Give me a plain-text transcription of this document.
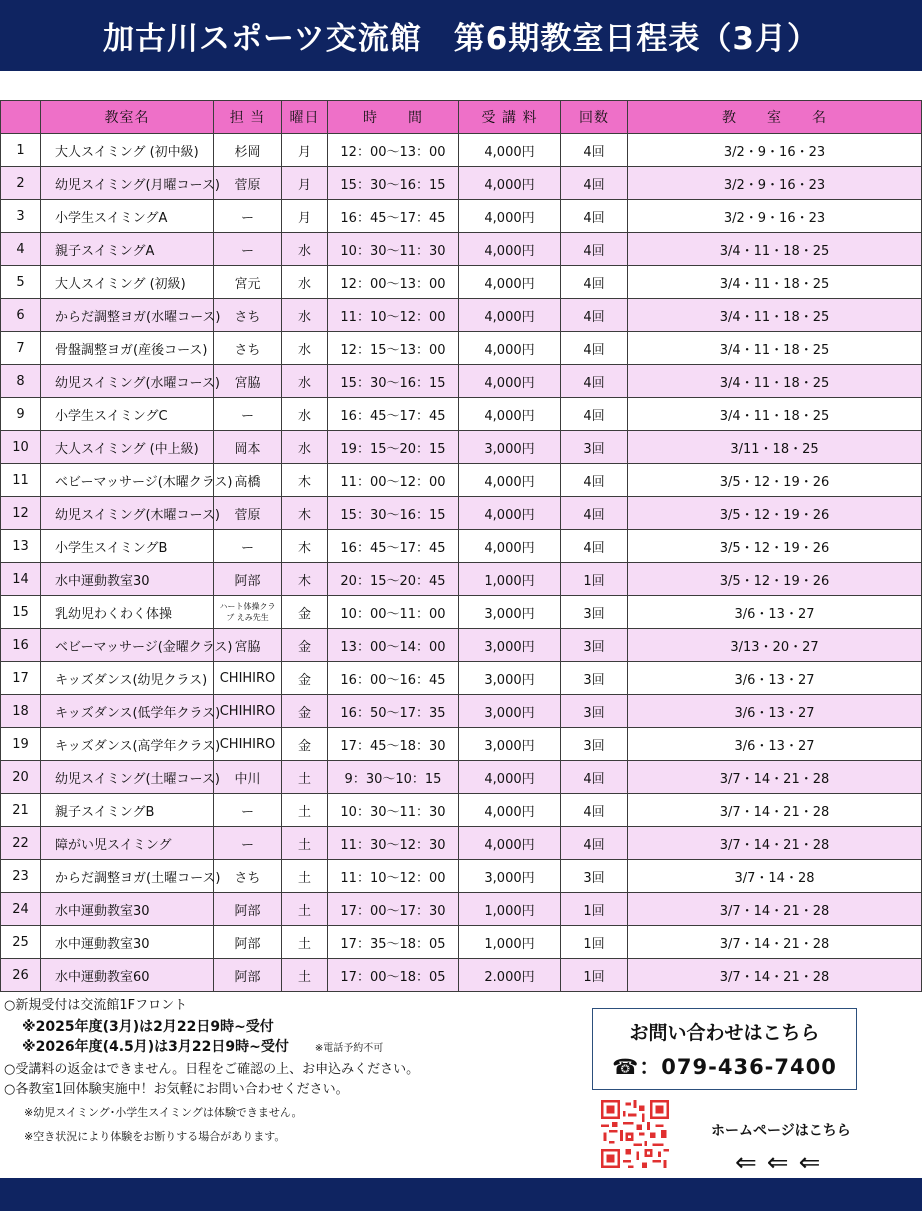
加古川スポーツ交流館　第6期教室日程表（3月）
	教室名	担 当	曜日	時　　間	受 講 料	回数	教　　室　　名
1	大人スイミング (初中級)	杉岡	月	12：00～13：00	4,000円	4回	3/2・9・16・23
2	幼児スイミング(月曜コース)	菅原	月	15：30～16：15	4,000円	4回	3/2・9・16・23
3	小学生スイミングA	ー	月	16：45～17：45	4,000円	4回	3/2・9・16・23
4	親子スイミングA	ー	水	10：30～11：30	4,000円	4回	3/4・11・18・25
5	大人スイミング (初級)	宮元	水	12：00～13：00	4,000円	4回	3/4・11・18・25
6	からだ調整ヨガ(水曜コース)	さち	水	11：10～12：00	4,000円	4回	3/4・11・18・25
7	骨盤調整ヨガ(産後コース)	さち	水	12：15～13：00	4,000円	4回	3/4・11・18・25
8	幼児スイミング(水曜コース)	宮脇	水	15：30～16：15	4,000円	4回	3/4・11・18・25
9	小学生スイミングC	ー	水	16：45～17：45	4,000円	4回	3/4・11・18・25
10	大人スイミング (中上級)	岡本	水	19：15～20：15	3,000円	3回	3/11・18・25
11	ベビーマッサージ(木曜クラス)	高橋	木	11：00～12：00	4,000円	4回	3/5・12・19・26
12	幼児スイミング(木曜コース)	菅原	木	15：30～16：15	4,000円	4回	3/5・12・19・26
13	小学生スイミングB	ー	木	16：45～17：45	4,000円	4回	3/5・12・19・26
14	水中運動教室30	阿部	木	20：15～20：45	1,000円	1回	3/5・12・19・26
15	乳幼児わくわく体操	ハート体操クラブ えみ先生	金	10：00～11：00	3,000円	3回	3/6・13・27
16	ベビーマッサージ(金曜クラス)	宮脇	金	13：00～14：00	3,000円	3回	3/13・20・27
17	キッズダンス(幼児クラス)	CHIHIRO	金	16：00～16：45	3,000円	3回	3/6・13・27
18	キッズダンス(低学年クラス)	CHIHIRO	金	16：50～17：35	3,000円	3回	3/6・13・27
19	キッズダンス(高学年クラス)	CHIHIRO	金	17：45～18：30	3,000円	3回	3/6・13・27
20	幼児スイミング(土曜コース)	中川	土	9：30～10：15	4,000円	4回	3/7・14・21・28
21	親子スイミングB	ー	土	10：30～11：30	4,000円	4回	3/7・14・21・28
22	障がい児スイミング	ー	土	11：30～12：30	4,000円	4回	3/7・14・21・28
23	からだ調整ヨガ(土曜コース)	さち	土	11：10～12：00	3,000円	3回	3/7・14・28
24	水中運動教室30	阿部	土	17：00～17：30	1,000円	1回	3/7・14・21・28
25	水中運動教室30	阿部	土	17：35～18：05	1,000円	1回	3/7・14・21・28
26	水中運動教室60	阿部	土	17：00～18：05	2.000円	1回	3/7・14・21・28
○新規受付は交流館1Fフロント
※2025年度(3月)は2月22日9時~受付
※2026年度(4.5月)は3月22日9時~受付	※電話予約不可
○受講料の返金はできません。日程をご確認の上、お申込みください。
○各教室1回体験実施中！お気軽にお問い合わせください。
※幼児スイミング･小学生スイミングは体験できません。
※空き状況により体験をお断りする場合があります。
お問い合わせはこちら
☎：079-436-7400
ホームページはこちら
⇐⇐⇐
